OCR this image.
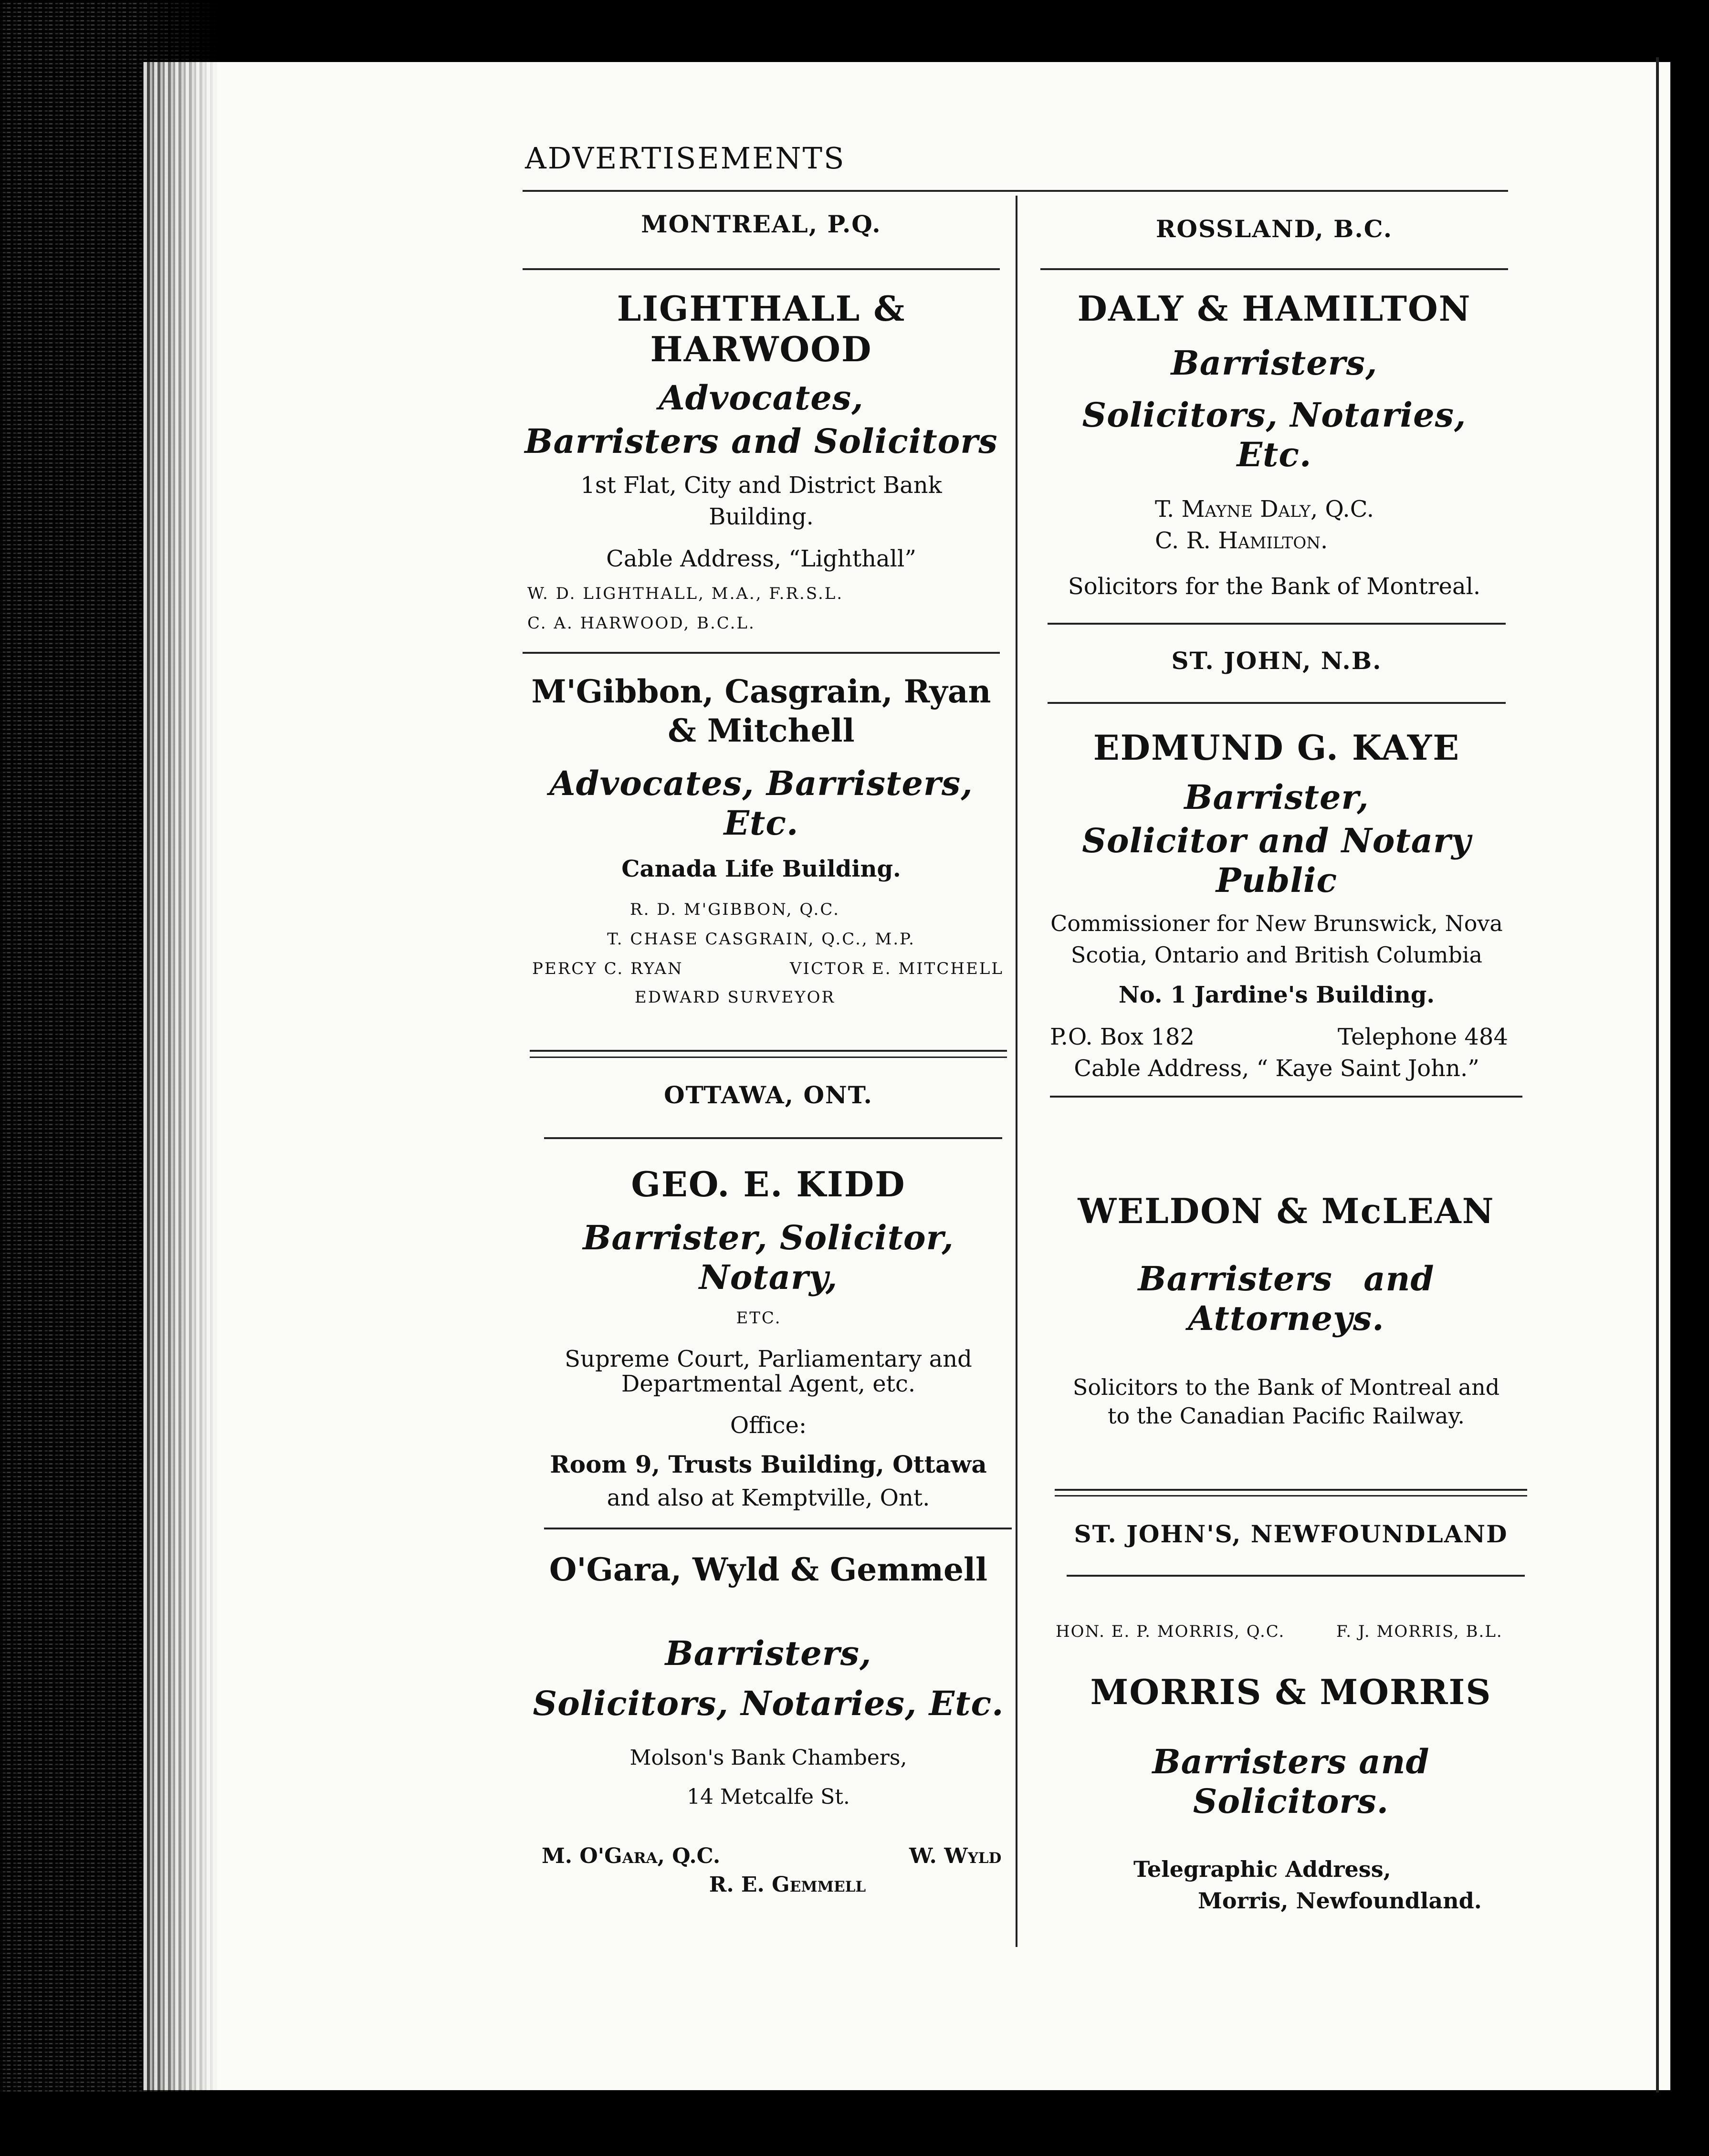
ADVERTISEMENTS
MONTREAL, P.Q.
LIGHTHALL & HARWOOD
Advocates,
Barristers and Solicitors
1st Flat, City and District Bank
Building.
Cable Address, “Lighthall”
W. D. LIGHTHALL, M.A., F.R.S.L.
C. A. HARWOOD, B.C.L.
M'Gibbon, Casgrain, Ryan
& Mitchell
Advocates, Barristers, Etc.
Canada Life Building.
R. D. M'GIBBON, Q.C.
T. CHASE CASGRAIN, Q.C., M.P.
PERCY C. RYAN	VICTOR E. MITCHELL
EDWARD SURVEYOR
OTTAWA, ONT.
GEO. E. KIDD
Barrister, Solicitor, Notary,
ETC.
Supreme Court, Parliamentary and
Departmental Agent, etc.
Office:
Room 9, Trusts Building, Ottawa
and also at Kemptville, Ont.
O'Gara, Wyld & Gemmell
Barristers,
Solicitors, Notaries, Etc.
Molson's Bank Chambers,
14 Metcalfe St.
M. O'Gara, Q.C.	W. Wyld
R. E. Gemmell
ROSSLAND, B.C.
DALY & HAMILTON
Barristers,
Solicitors, Notaries, Etc.
T. Mayne Daly, Q.C.
C. R. Hamilton.
Solicitors for the Bank of Montreal.
ST. JOHN, N.B.
EDMUND G. KAYE
Barrister,
Solicitor and Notary Public
Commissioner for New Brunswick, Nova
Scotia, Ontario and British Columbia
No. 1 Jardine's Building.
P.O. Box 182	Telephone 484
Cable Address, “ Kaye Saint John.”
WELDON & McLEAN
Barristers and Attorneys.
Solicitors to the Bank of Montreal and
to the Canadian Pacific Railway.
ST. JOHN'S, NEWFOUNDLAND
HON. E. P. MORRIS, Q.C.	F. J. MORRIS, B.L.
MORRIS & MORRIS
Barristers and Solicitors.
Telegraphic Address,
Morris, Newfoundland.
